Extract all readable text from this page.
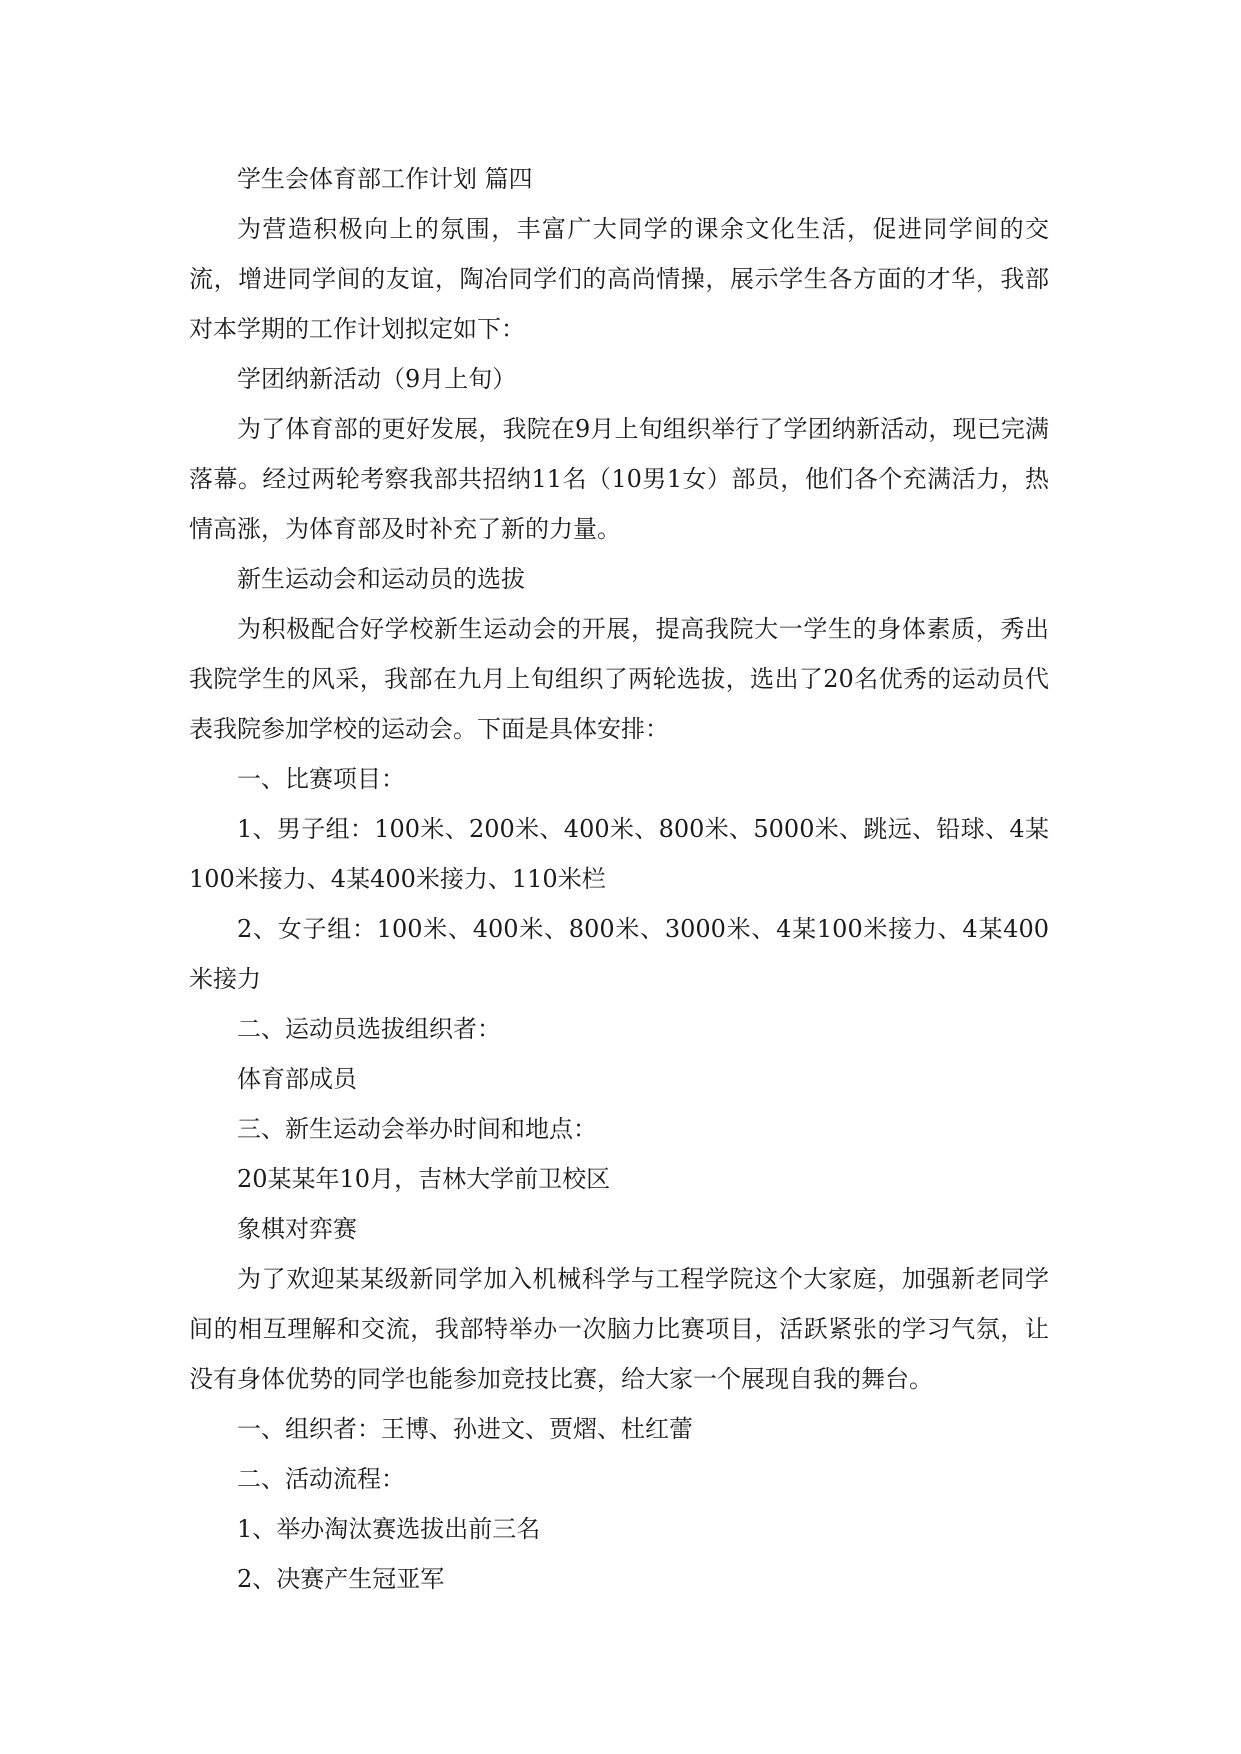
学生会体育部工作计划 篇四

为营造积极向上的氛围，丰富广大同学的课余文化生活，促进同学间的交流，增进同学间的友谊，陶冶同学们的高尚情操，展示学生各方面的才华，我部对本学期的工作计划拟定如下：

学团纳新活动（9月上旬）

为了体育部的更好发展，我院在9月上旬组织举行了学团纳新活动，现已完满落幕。经过两轮考察我部共招纳11名（10男1女）部员，他们各个充满活力，热情高涨，为体育部及时补充了新的力量。

新生运动会和运动员的选拔

为积极配合好学校新生运动会的开展，提高我院大一学生的身体素质，秀出我院学生的风采，我部在九月上旬组织了两轮选拔，选出了20名优秀的运动员代表我院参加学校的运动会。下面是具体安排：

一、比赛项目：

1、男子组：100米、200米、400米、800米、5000米、跳远、铅球、4某100米接力、4某400米接力、110米栏

2、女子组：100米、400米、800米、3000米、4某100米接力、4某400米接力

二、运动员选拔组织者：

体育部成员

三、新生运动会举办时间和地点：

20某某年10月，吉林大学前卫校区

象棋对弈赛

为了欢迎某某级新同学加入机械科学与工程学院这个大家庭，加强新老同学间的相互理解和交流，我部特举办一次脑力比赛项目，活跃紧张的学习气氛，让没有身体优势的同学也能参加竞技比赛，给大家一个展现自我的舞台。

一、组织者：王博、孙进文、贾熠、杜红蕾

二、活动流程：

1、举办淘汰赛选拔出前三名

2、决赛产生冠亚军
